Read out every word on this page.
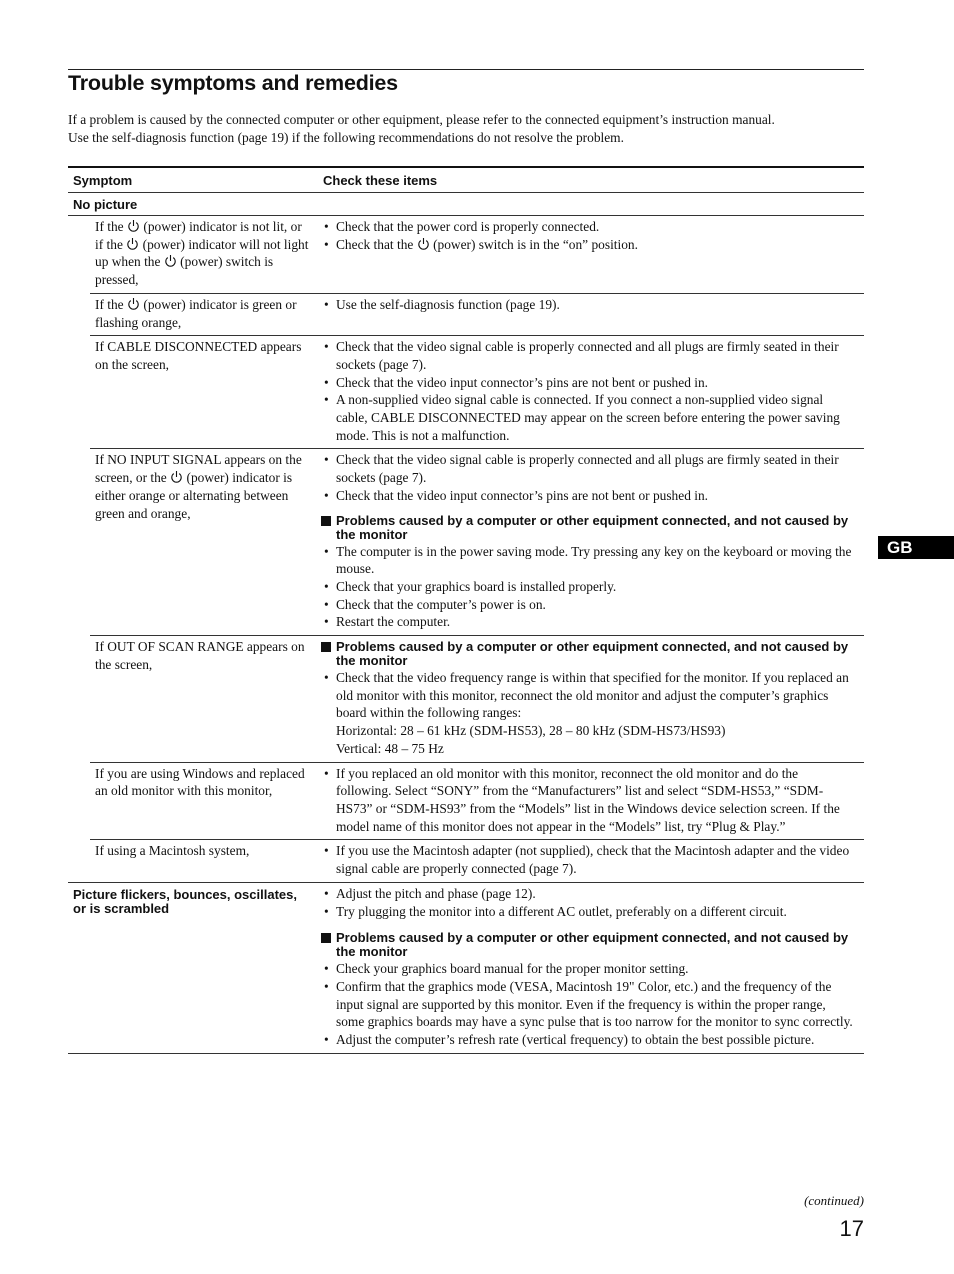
Trouble symptoms and remedies
If a problem is caused by the connected computer or other equipment, please refer to the connected equipment’s instruction manual.
Use the self-diagnosis function (page 19) if the following recommendations do not resolve the problem.
Symptom	Check these items
No picture
If the (power) indicator is not lit, or if the (power) indicator will not light up when the (power) switch is pressed,
• Check that the power cord is properly connected.
• Check that the (power) switch is in the “on” position.
If the (power) indicator is green or flashing orange,
• Use the self-diagnosis function (page 19).
If CABLE DISCONNECTED appears on the screen,
• Check that the video signal cable is properly connected and all plugs are firmly seated in their sockets (page 7).
• Check that the video input connector’s pins are not bent or pushed in.
• A non-supplied video signal cable is connected. If you connect a non-supplied video signal cable, CABLE DISCONNECTED may appear on the screen before entering the power saving mode. This is not a malfunction.
If NO INPUT SIGNAL appears on the screen, or the (power) indicator is either orange or alternating between green and orange,
• Check that the video signal cable is properly connected and all plugs are firmly seated in their sockets (page 7).
• Check that the video input connector’s pins are not bent or pushed in.
Problems caused by a computer or other equipment connected, and not caused by the monitor
• The computer is in the power saving mode. Try pressing any key on the keyboard or moving the mouse.
• Check that your graphics board is installed properly.
• Check that the computer’s power is on.
• Restart the computer.
If OUT OF SCAN RANGE appears on the screen,
Problems caused by a computer or other equipment connected, and not caused by the monitor
• Check that the video frequency range is within that specified for the monitor. If you replaced an old monitor with this monitor, reconnect the old monitor and adjust the computer’s graphics board within the following ranges:
Horizontal: 28 – 61 kHz (SDM-HS53), 28 – 80 kHz (SDM-HS73/HS93)
Vertical: 48 – 75 Hz
If you are using Windows and replaced an old monitor with this monitor,
• If you replaced an old monitor with this monitor, reconnect the old monitor and do the following. Select “SONY” from the “Manufacturers” list and select “SDM-HS53,” “SDM-HS73” or “SDM-HS93” from the “Models” list in the Windows device selection screen. If the model name of this monitor does not appear in the “Models” list, try “Plug & Play.”
If using a Macintosh system,
•	If you use the Macintosh adapter (not supplied), check that the Macintosh adapter and the video signal cable are properly connected (page 7).
Picture flickers, bounces, oscillates, or is scrambled
• Adjust the pitch and phase (page 12).
• Try plugging the monitor into a different AC outlet, preferably on a different circuit.
Problems caused by a computer or other equipment connected, and not caused by the monitor
• Check your graphics board manual for the proper monitor setting.
• Confirm that the graphics mode (VESA, Macintosh 19" Color, etc.) and the frequency of the input signal are supported by this monitor. Even if the frequency is within the proper range, some graphics boards may have a sync pulse that is too narrow for the monitor to sync correctly.
• Adjust the computer’s refresh rate (vertical frequency) to obtain the best possible picture.
GB
(continued)
17
